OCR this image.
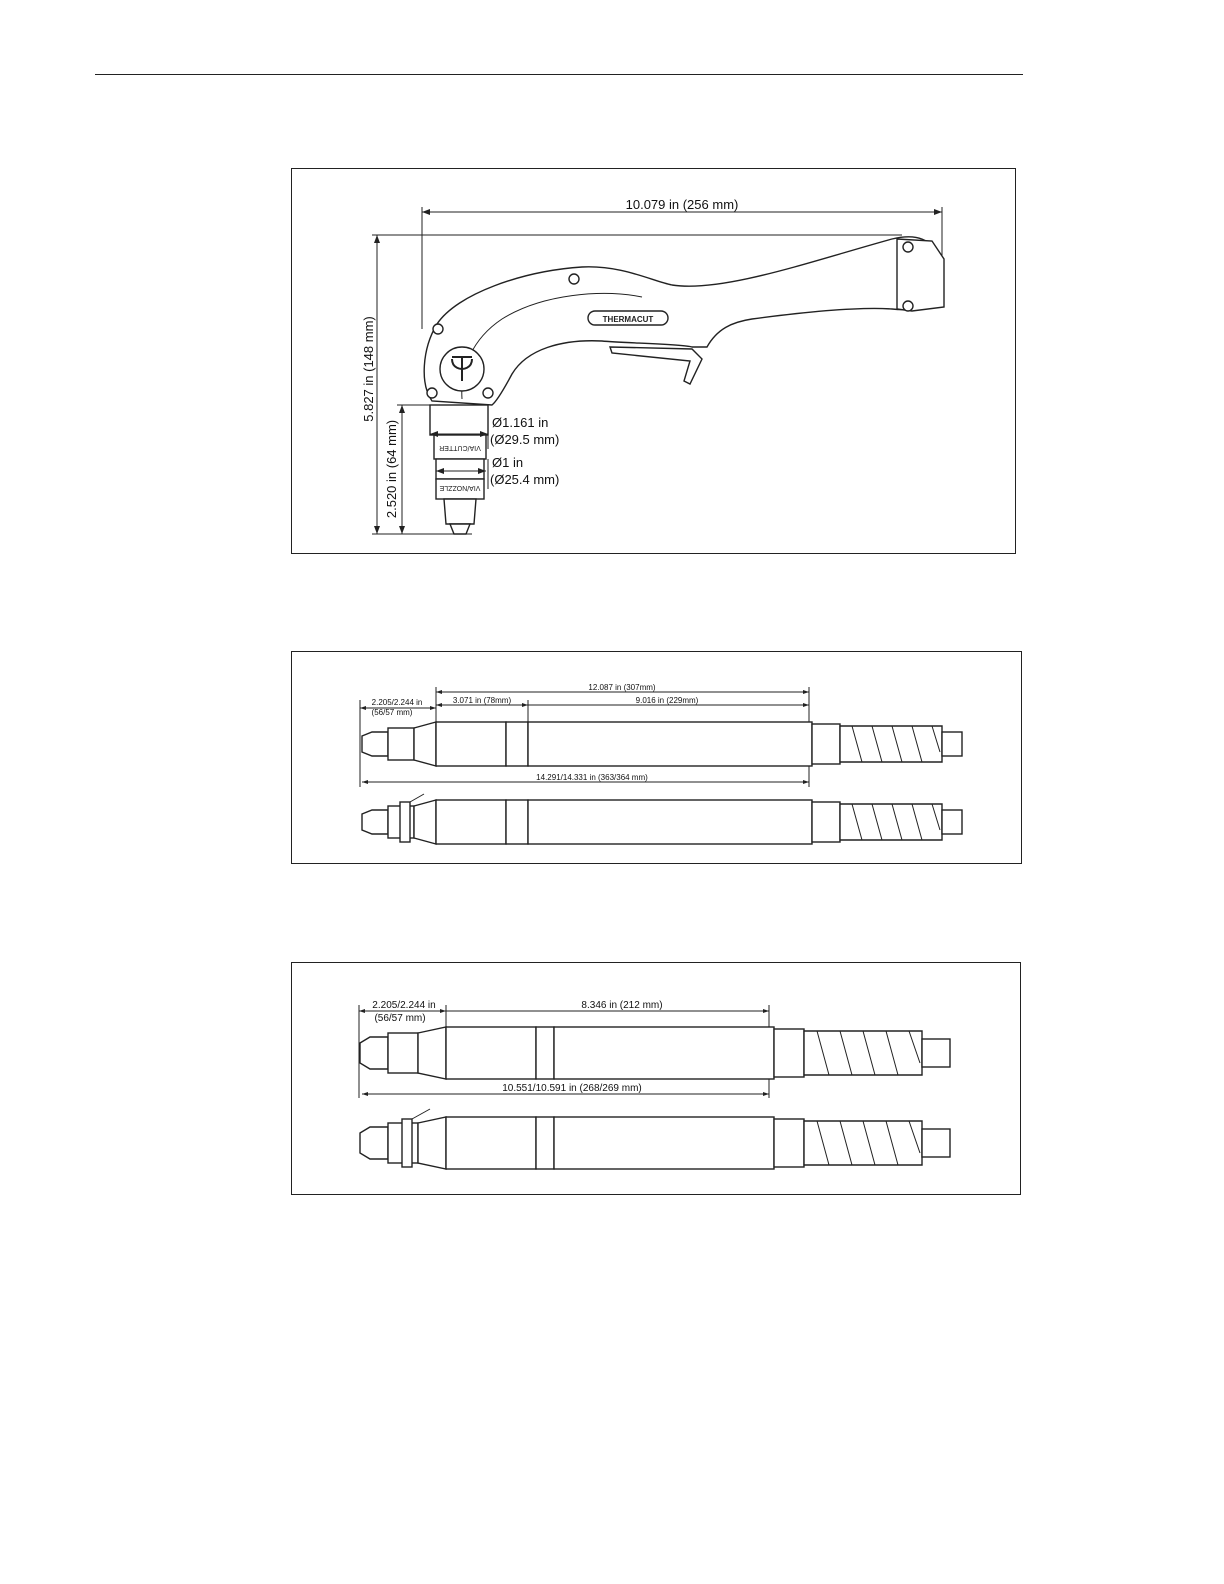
10.079 in (256 mm)
5.827 in (148 mm)
2.520 in (64 mm)
THERMACUT
VIA/CUTTER
VIA/NOZZLE
Ø1.161 in
(Ø29.5 mm)
Ø1 in
(Ø25.4 mm)
12.087 in (307mm)
3.071 in (78mm)	9.016 in (229mm)
2.205/2.244 in
(56/57 mm)
14.291/14.331 in (363/364 mm)
2.205/2.244 in
(56/57 mm)
8.346 in (212 mm)
10.551/10.591 in (268/269 mm)
